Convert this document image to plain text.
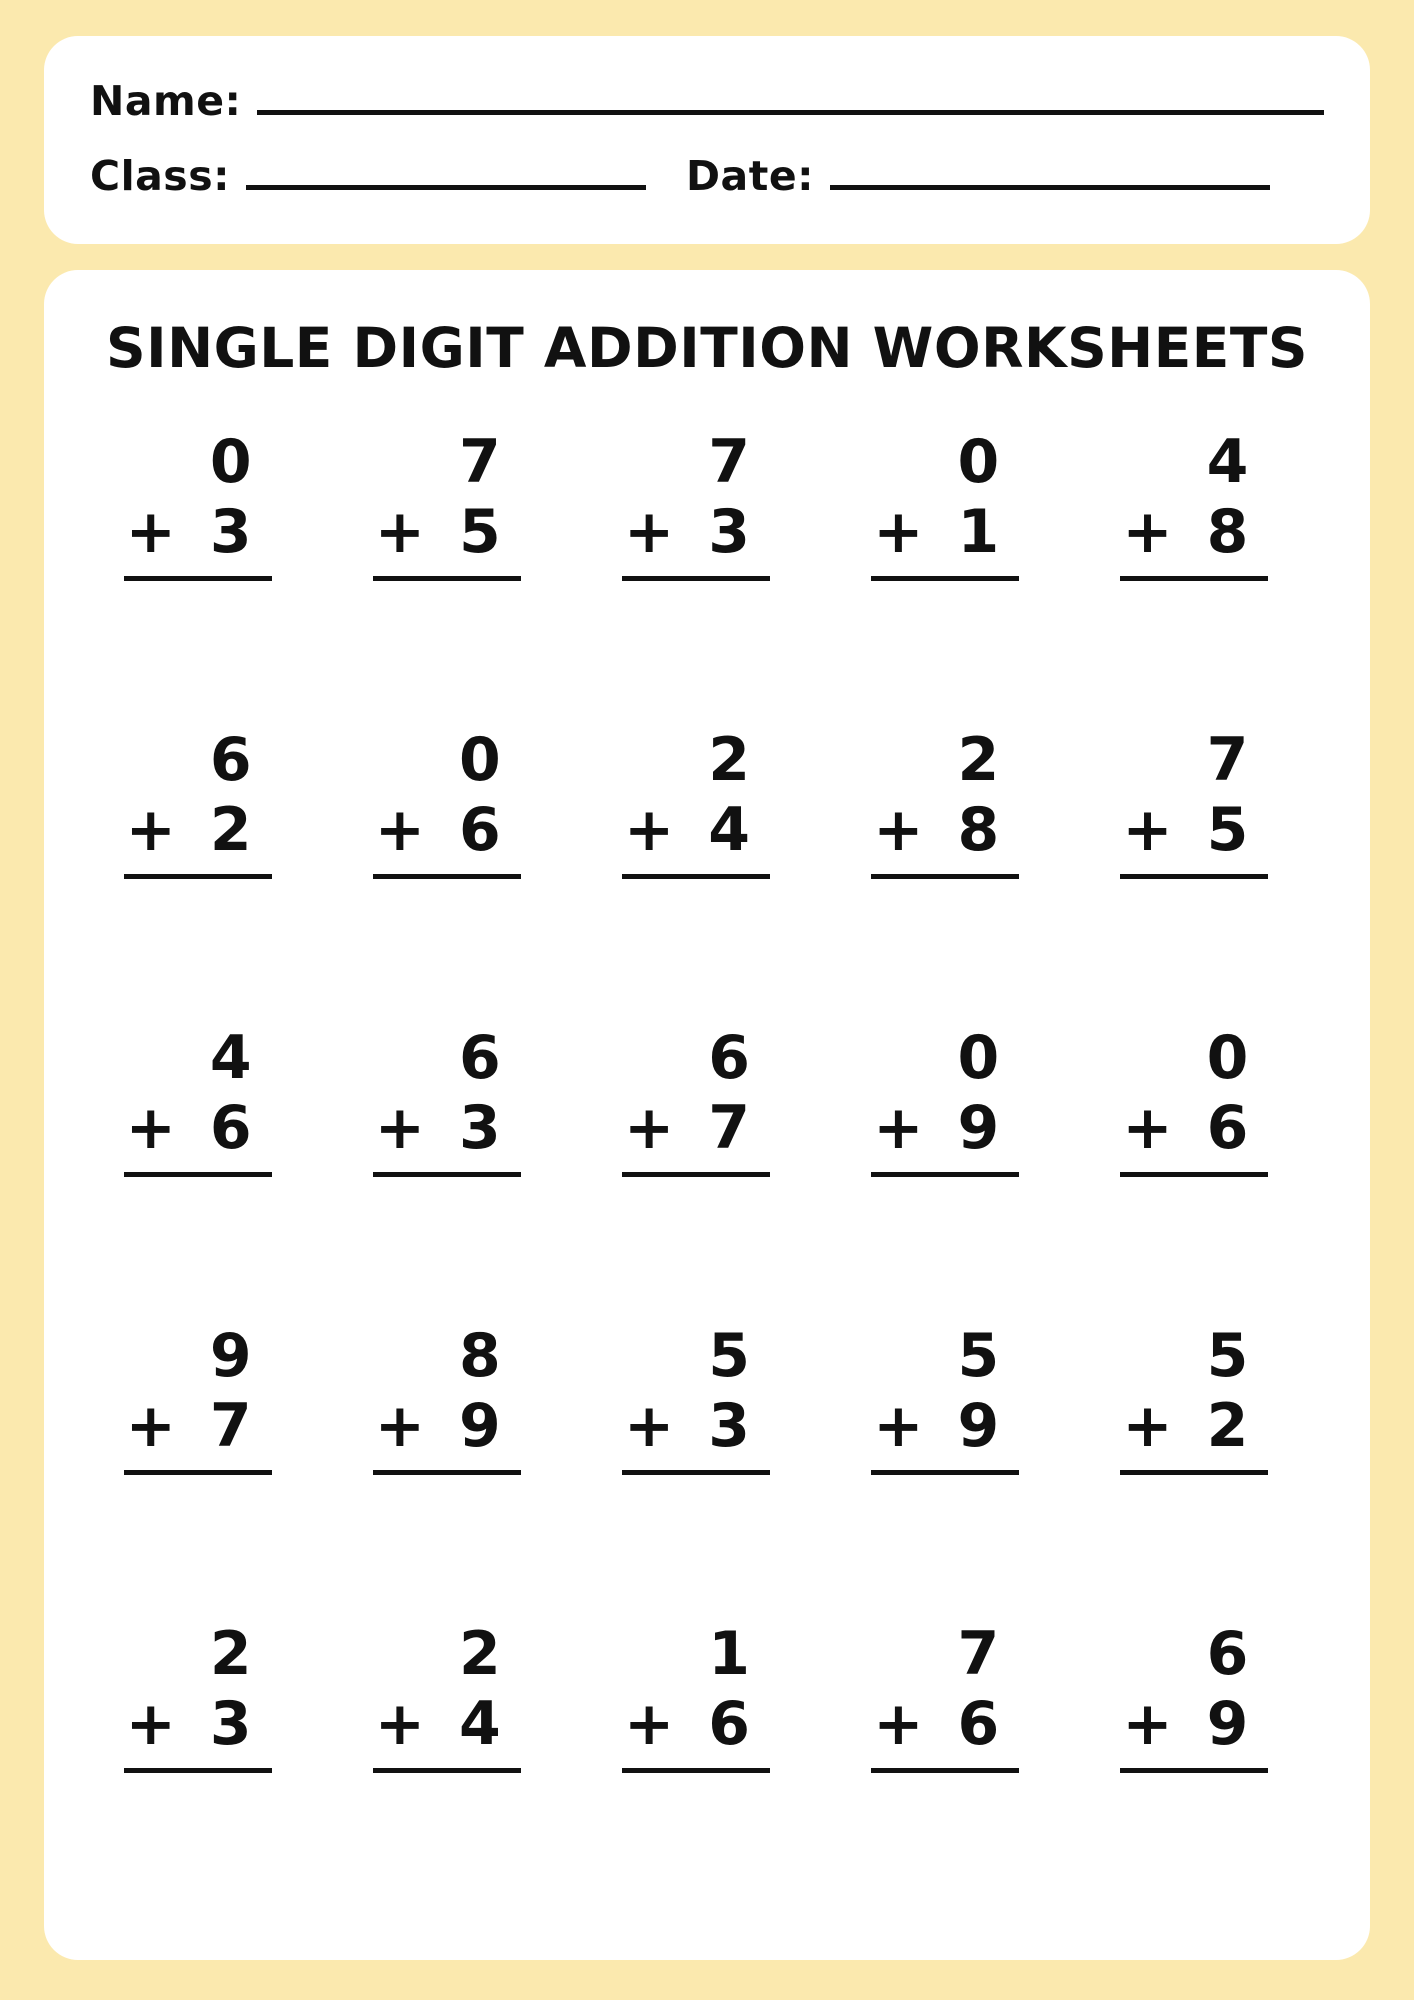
Name:
Class:	Date:
SINGLE DIGIT ADDITION WORKSHEETS
0
+ 3
7
+ 5
7
+ 3
0
+ 1
4
+ 8
6
+ 2
0
+ 6
2
+ 4
2
+ 8
7
+ 5
4
+ 6
6
+ 3
6
+ 7
0
+ 9
0
+ 6
9
+ 7
8
+ 9
5
+ 3
5
+ 9
5
+ 2
2
+ 3
2
+ 4
1
+ 6
7
+ 6
6
+ 9
